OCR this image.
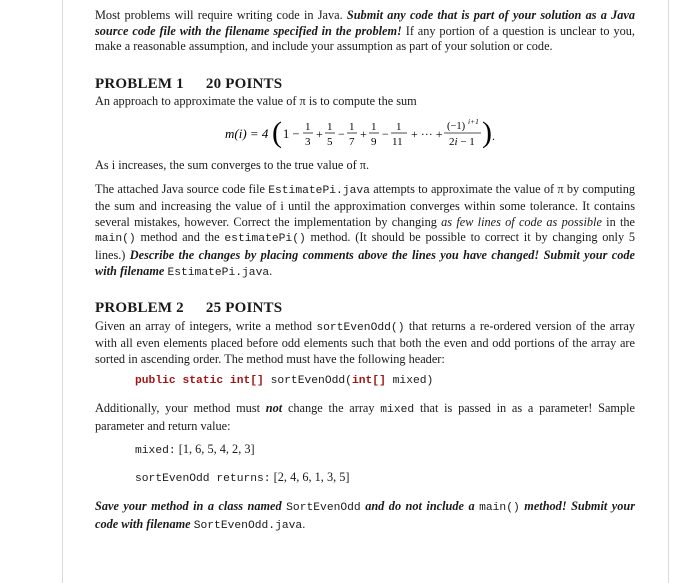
Most problems will require writing code in Java. Submit any code that is part of your solution as a Java source code file with the filename specified in the problem! If any portion of a question is unclear to you, make a reasonable assumption, and include your assumption as part of your solution or code.

PROBLEM 1 20 POINTS

An approach to approximate the value of π is to compute the sum

m(i) = 4 ( 1 − 1
3
+ 1
5
− 1
7
+ 1
9
− 1
11
+ ··· +
(−1) i+1
2i − 1 ) .

As i increases, the sum converges to the true value of π.

The attached Java source code file EstimatePi.java attempts to approximate the value of π by computing the sum and increasing the value of i until the approximation converges within some tolerance. It contains several mistakes, however. Correct the implementation by changing as few lines of code as possible in the main() method and the estimatePi() method. (It should be possible to correct it by changing only 5 lines.) Describe the changes by placing comments above the lines you have changed! Submit your code with filename EstimatePi.java.

PROBLEM 2 25 POINTS

Given an array of integers, write a method sortEvenOdd() that returns a re-ordered version of the array with all even elements placed before odd elements such that both the even and odd portions of the array are sorted in ascending order. The method must have the following header:

public static int[] sortEvenOdd(int[] mixed)

Additionally, your method must not change the array mixed that is passed in as a parameter! Sample parameter and return value:

mixed: [1, 6, 5, 4, 2, 3]
sortEvenOdd returns: [2, 4, 6, 1, 3, 5]

Save your method in a class named SortEvenOdd and do not include a main() method! Submit your code with filename SortEvenOdd.java.
